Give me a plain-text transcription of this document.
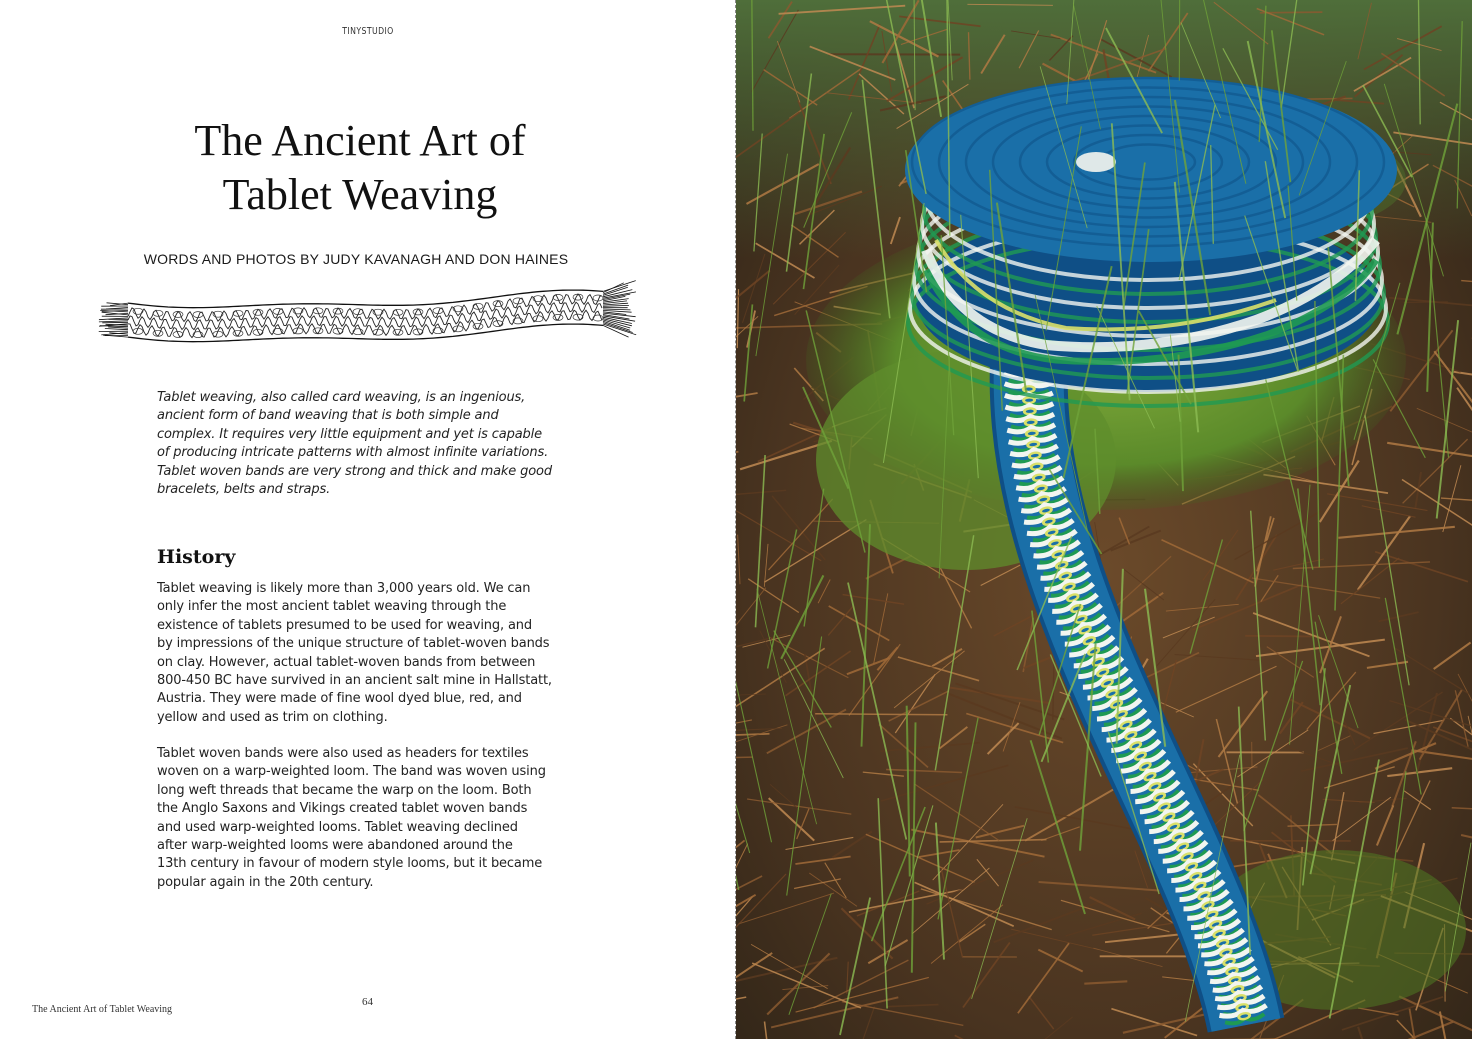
TINYSTUDIO
The Ancient Art of
Tablet Weaving
WORDS AND PHOTOS BY JUDY KAVANAGH AND DON HAINES

Tablet weaving, also called card weaving, is an ingenious,
ancient form of band weaving that is both simple and
complex. It requires very little equipment and yet is capable
of producing intricate patterns with almost infinite variations.
Tablet woven bands are very strong and thick and make good
bracelets, belts and straps.

History

Tablet weaving is likely more than 3,000 years old. We can
only infer the most ancient tablet weaving through the
existence of tablets presumed to be used for weaving, and
by impressions of the unique structure of tablet-woven bands
on clay. However, actual tablet-woven bands from between
800-450 BC have survived in an ancient salt mine in Hallstatt,
Austria. They were made of fine wool dyed blue, red, and
yellow and used as trim on clothing.

Tablet woven bands were also used as headers for textiles
woven on a warp-weighted loom. The band was woven using
long weft threads that became the warp on the loom. Both
the Anglo Saxons and Vikings created tablet woven bands
and used warp-weighted looms. Tablet weaving declined
after warp-weighted looms were abandoned around the
13th century in favour of modern style looms, but it became
popular again in the 20th century.

The Ancient Art of Tablet Weaving
64
